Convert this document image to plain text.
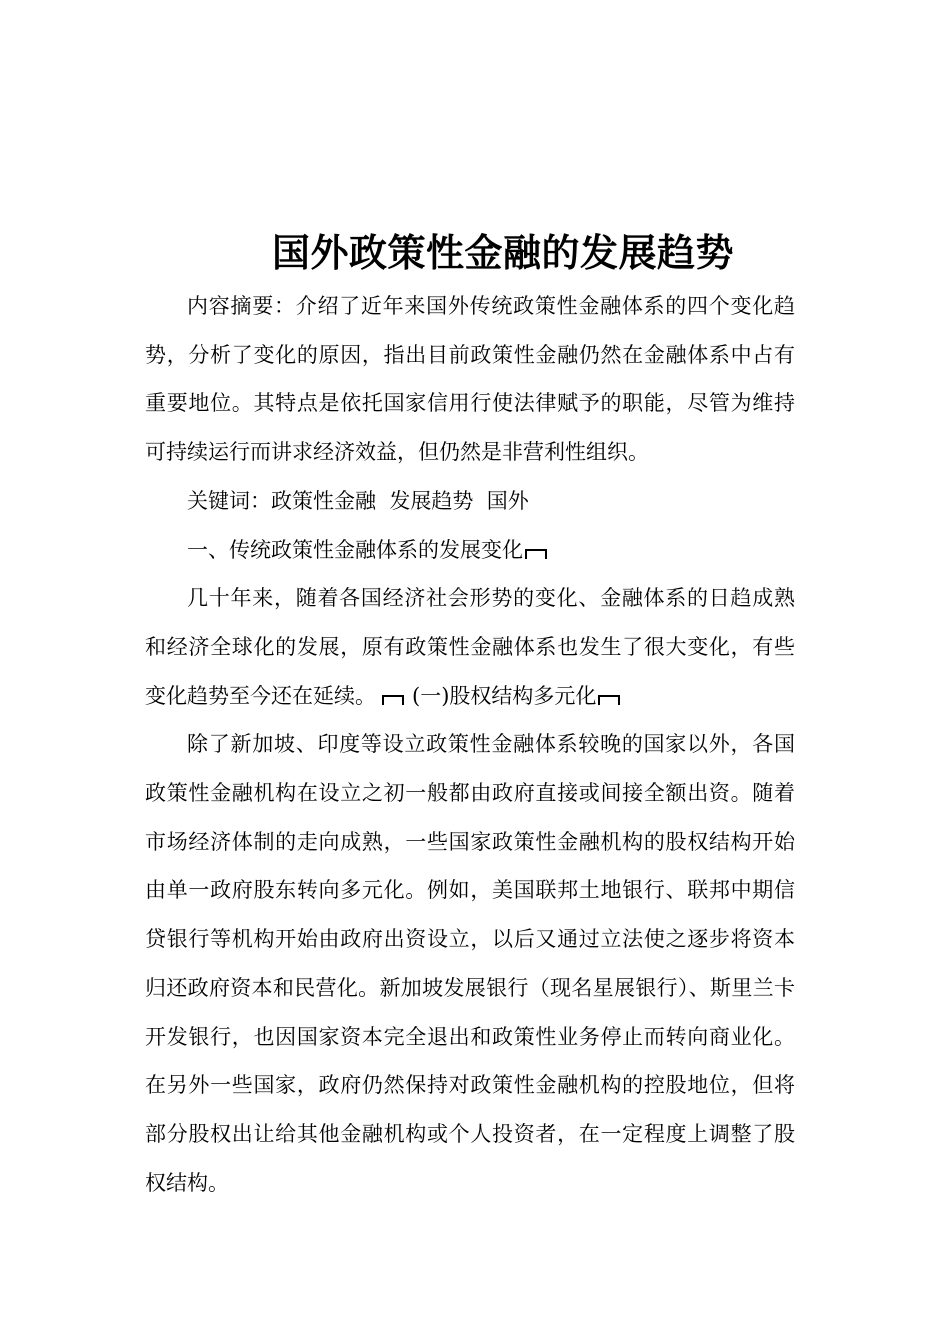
国外政策性金融的发展趋势

内容摘要：介绍了近年来国外传统政策性金融体系的四个变化趋势，分析了变化的原因，指出目前政策性金融仍然在金融体系中占有重要地位。其特点是依托国家信用行使法律赋予的职能，尽管为维持可持续运行而讲求经济效益，但仍然是非营利性组织。

关键词：政策性金融  发展趋势  国外

一、传统政策性金融体系的发展变化

几十年来，随着各国经济社会形势的变化、金融体系的日趋成熟和经济全球化的发展，原有政策性金融体系也发生了很大变化，有些变化趋势至今还在延续。 (一)股权结构多元化

除了新加坡、印度等设立政策性金融体系较晚的国家以外，各国政策性金融机构在设立之初一般都由政府直接或间接全额出资。随着市场经济体制的走向成熟，一些国家政策性金融机构的股权结构开始由单一政府股东转向多元化。例如，美国联邦土地银行、联邦中期信贷银行等机构开始由政府出资设立，以后又通过立法使之逐步将资本归还政府资本和民营化。新加坡发展银行（现名星展银行）、斯里兰卡开发银行，也因国家资本完全退出和政策性业务停止而转向商业化。在另外一些国家，政府仍然保持对政策性金融机构的控股地位，但将部分股权出让给其他金融机构或个人投资者，在一定程度上调整了股权结构。
